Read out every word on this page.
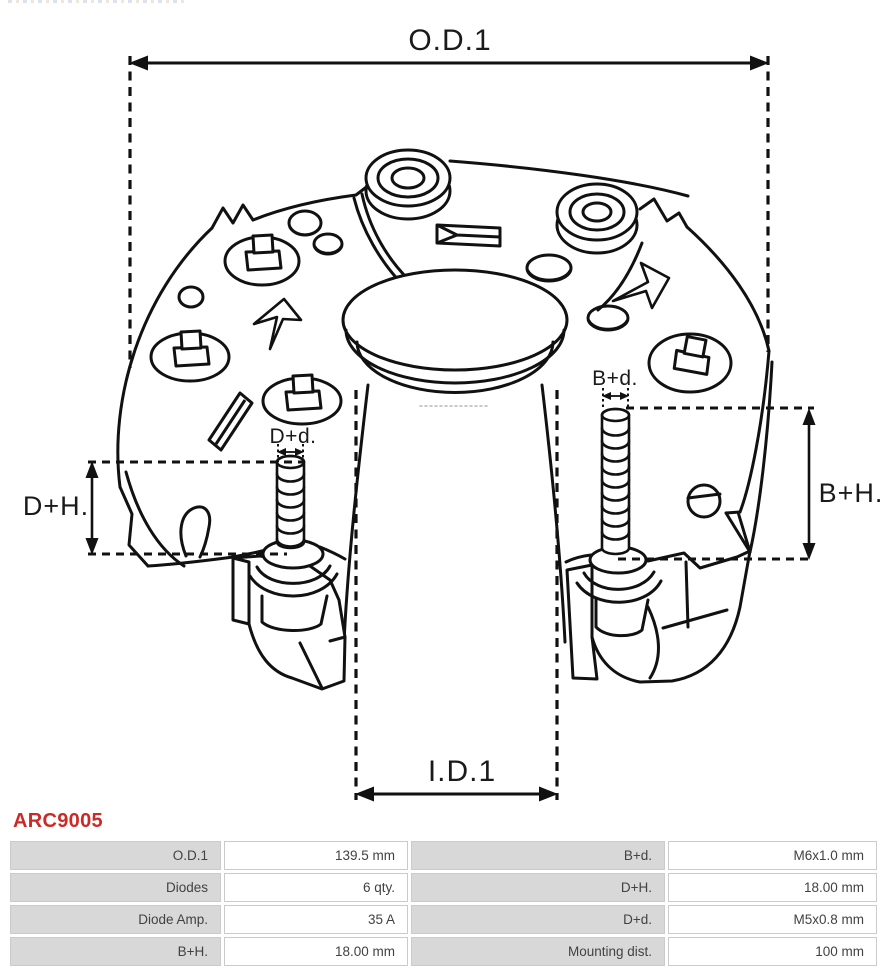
O.D.1
I.D.1
D+H.	B+H.
D+d.
B+d.
ARC9005
O.D.1	139.5 mm	B+d.	M6x1.0 mm
Diodes	6 qty.	D+H.	18.00 mm
Diode Amp.	35 A	D+d.	M5x0.8 mm
B+H.	18.00 mm	Mounting dist.	100 mm
